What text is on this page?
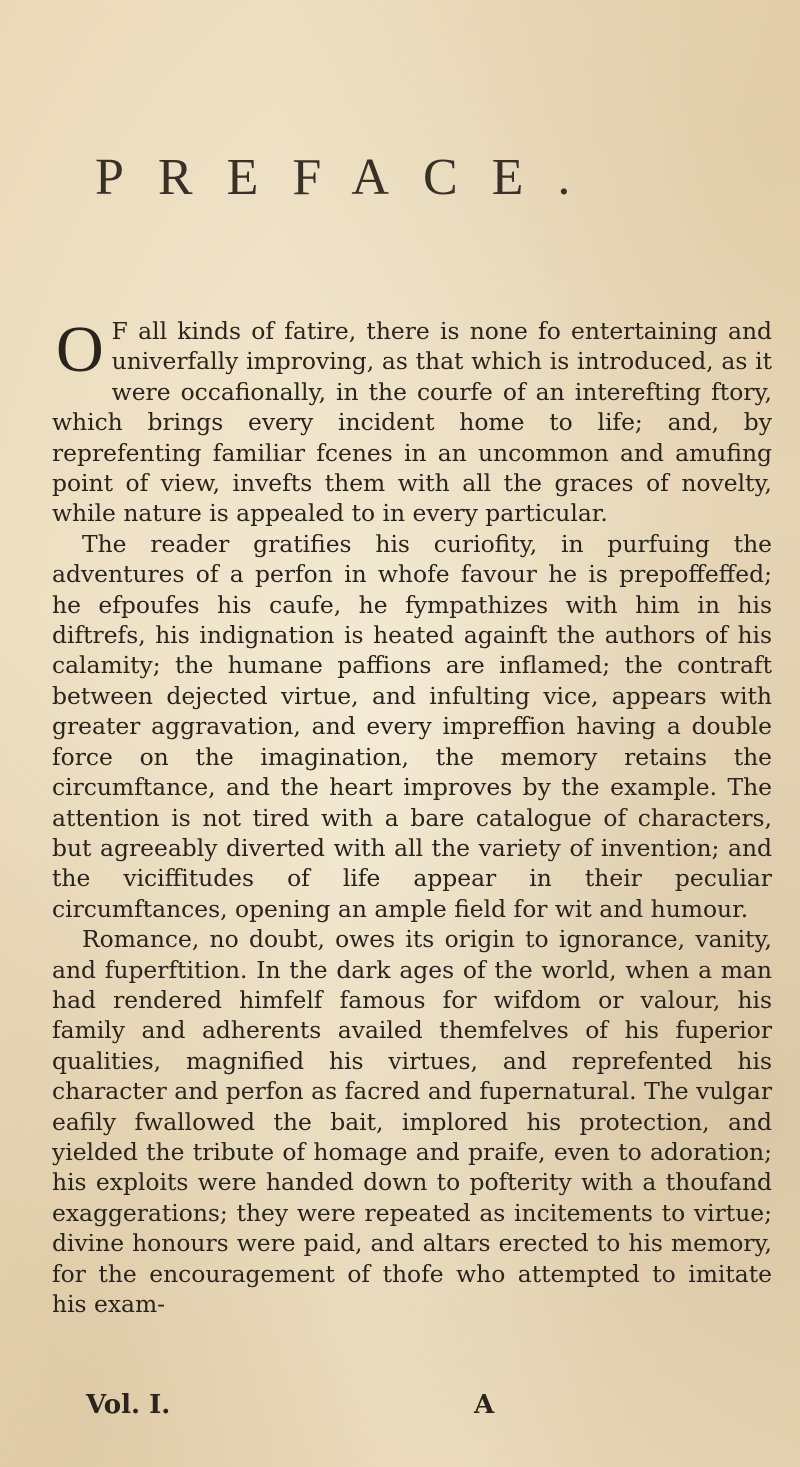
PREFACE.

O F all kinds of fatire, there is none fo entertaining and univerfally improving, as that which is introduced, as it were occafionally, in the courfe of an interefting ftory, which brings every incident home to life; and, by reprefenting familiar fcenes in an uncommon and amufing point of view, invefts them with all the graces of novelty, while nature is appealed to in every particular.

The reader gratifies his curiofity, in purfuing the adventures of a perfon in whofe favour he is prepoffeffed; he efpoufes his caufe, he fympathizes with him in his diftrefs, his indignation is heated againft the authors of his calamity; the humane paffions are inflamed; the contraft between dejected virtue, and infulting vice, appears with greater aggravation, and every impreffion having a double force on the imagination, the memory retains the circumftance, and the heart improves by the example. The attention is not tired with a bare catalogue of characters, but agreeably diverted with all the variety of invention; and the viciffitudes of life appear in their peculiar circumftances, opening an ample field for wit and humour.

Romance, no doubt, owes its origin to ignorance, vanity, and fuperftition. In the dark ages of the world, when a man had rendered himfelf famous for wifdom or valour, his family and adherents availed themfelves of his fuperior qualities, magnified his virtues, and reprefented his character and perfon as facred and fupernatural. The vulgar eafily fwallowed the bait, implored his protection, and yielded the tribute of homage and praife, even to adoration; his exploits were handed down to pofterity with a thoufand exaggerations; they were repeated as incitements to virtue; divine honours were paid, and altars erected to his memory, for the encouragement of thofe who attempted to imitate his exam-

Vol. I.	A
